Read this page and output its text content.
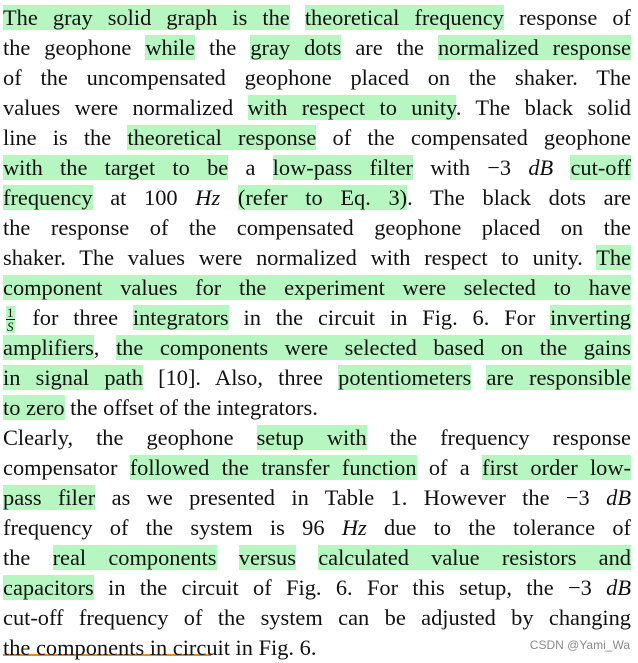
CSDN @Yami_Wa
The gray solid graph is the theoretical frequency response of
the geophone while the gray dots are the normalized response
of the uncompensated geophone placed on the shaker. The
values were normalized with respect to unity. The black solid
line is the theoretical response of the compensated geophone
with the target to be a low-pass filter with −3 dB cut-off
frequency at 100 Hz (refer to Eq. 3). The black dots are
the response of the compensated geophone placed on the
shaker. The values were normalized with respect to unity. The
component values for the experiment were selected to have
$\frac{1}{S}$ for three integrators in the circuit in Fig. 6. For inverting
amplifiers, the components were selected based on the gains
in signal path [10]. Also, three potentiometers are responsible
to zero the offset of the integrators.
Clearly, the geophone setup with the frequency response
compensator followed the transfer function of a first order low-
pass filer as we presented in Table 1. However the −3 dB
frequency of the system is 96 Hz due to the tolerance of
the real components versus calculated value resistors and
capacitors in the circuit of Fig. 6. For this setup, the −3 dB
cut-off frequency of the system can be adjusted by changing
the components in circuit in Fig. 6.
